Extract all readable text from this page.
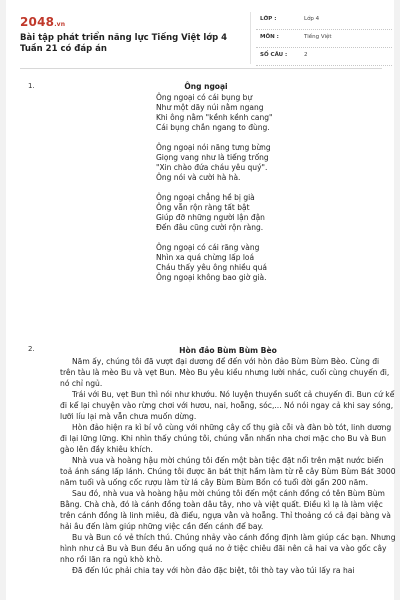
2048.vn
Bài tập phát triển năng lực Tiếng Việt lớp 4 Tuần 21 có đáp án
LỚP :	Lớp 4
MÔN :	Tiếng Việt
SỐ CÂU :	2
1.	Ông ngoại
Ông ngoại có cái bụng bự
Như một dãy núi nằm ngang
Khi ông nằm "kềnh kềnh cang"
Cái bụng chắn ngang to đùng.
Ông ngoại nói năng tưng bừng
Giọng vang như là tiếng trống
"Xin chào đứa cháu yêu quý".
Ông nói và cười hà hà.
Ông ngoại chẳng hề bị già
Ông vẫn rộn ràng tất bật
Giúp đỡ những người lận đận
Đến đâu cũng cười rộn ràng.
Ông ngoại có cái răng vàng
Nhìn xa quá chừng lấp loá
Cháu thấy yêu ông nhiều quá
Ông ngoại không bao giờ già.
2.	Hòn đảo Bùm Bùm Bèo

Năm ấy, chúng tôi đã vượt đại dương để đến với hòn đảo Bùm Bùm Bèo. Cùng đi trên tàu là mèo Bu và vẹt Bun. Mèo Bu yêu kiều nhưng lười nhác, cuối cùng chuyến đi, nó chỉ ngủ.

Trái với Bu, vẹt Bun thì nói như khướu. Nó luyện thuyền suốt cả chuyến đi. Bun cứ kể đi kể lại chuyện vào rừng chơi với hươu, nai, hoẵng, sóc,... Nó nói ngay cả khi say sóng, lưỡi líu lại mà vẫn chưa muốn dừng.

Hòn đảo hiện ra kì bí vô cùng với những cây cổ thụ già cỗi và đàn bò tót, linh dương đi lại lững lững. Khi nhìn thấy chúng tôi, chúng vẫn nhẩn nha chơi mặc cho Bu và Bun gào lên đầy khiêu khích.

Nhà vua và hoàng hậu mời chúng tôi đến một bàn tiệc đặt nổi trên mặt nước biển toả ánh sáng lấp lánh. Chúng tôi được ăn bát thịt hầm làm từ rễ cây Bùm Bùm Bát 3000 năm tuổi và uống cốc rượu làm từ lá cây Bùm Bùm Bồn có tuổi đời gần 200 năm.

Sau đó, nhà vua và hoàng hậu mời chúng tôi đến một cánh đồng có tên Bùm Bùm Bằng. Chà chà, đó là cánh đồng toàn dâu tây, nho và việt quất. Điều kì lạ là làm việc trên cánh đồng là linh miêu, đà điểu, ngựa vằn và hoẵng. Thỉ thoảng có cả đại bàng và hải âu đến làm giúp những việc cần đến cánh để bay.

Bu và Bun có vẻ thích thú. Chúng nhảy vào cánh đồng định làm giúp các bạn. Nhưng hình như cả Bu và Bun đều ăn uống quá no ở tiệc chiêu đãi nên cả hai va vào gốc cây nho rồi lăn ra ngủ khò khò.

Đã đến lúc phải chia tay với hòn đảo đặc biệt, tôi thò tay vào túi lấy ra hai
